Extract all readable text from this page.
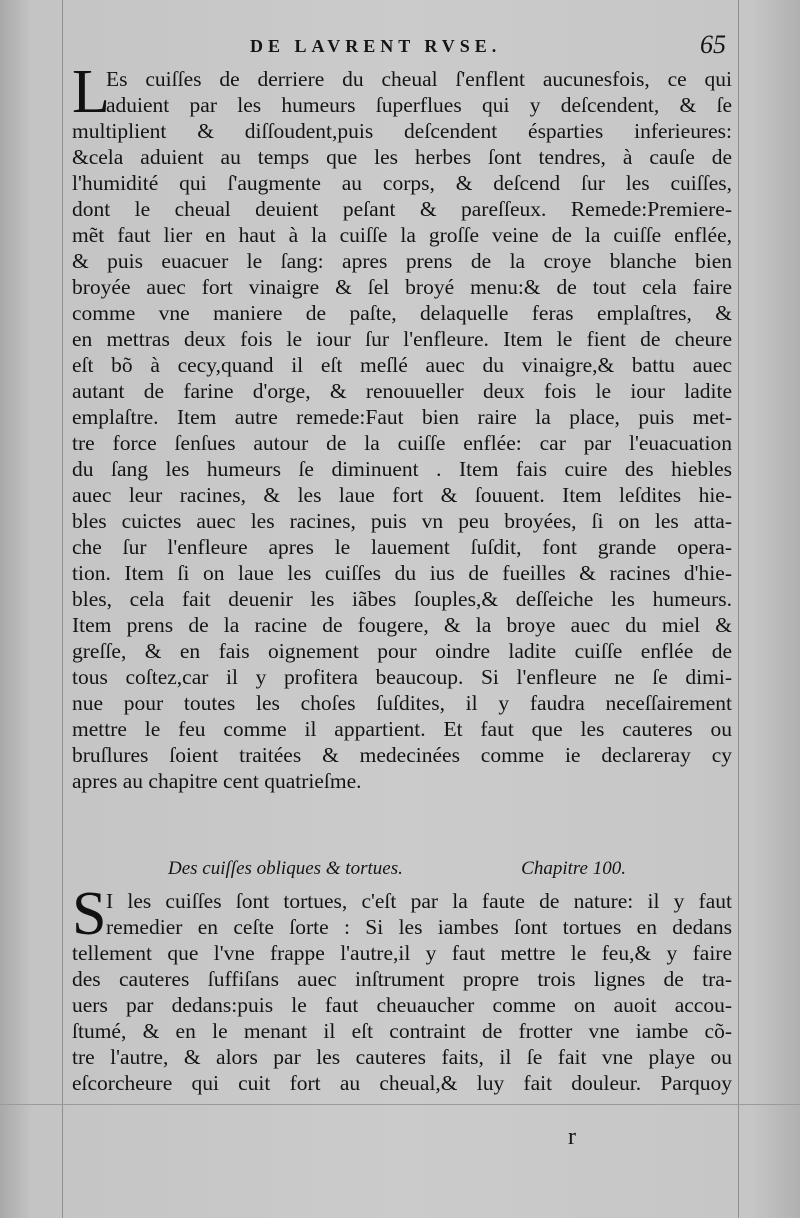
DE LAVRENT RVSE.	65
L
Es cuiſſes de derriere du cheual ſ'enflent aucunesfois, ce qui
aduient par les humeurs ſuperflues qui y deſcendent, & ſe
multiplient & diſſoudent,puis deſcendent ésparties inferieures:
&cela aduient au temps que les herbes ſont tendres, à cauſe de
l'humidité qui ſ'augmente au corps, & deſcend ſur les cuiſſes,
dont le cheual deuient peſant & pareſſeux. Remede:Premiere-
mẽt faut lier en haut à la cuiſſe la groſſe veine de la cuiſſe enflée,
& puis euacuer le ſang: apres prens de la croye blanche bien
broyée auec fort vinaigre & ſel broyé menu:& de tout cela faire
comme vne maniere de paſte, delaquelle feras emplaſtres, &
en mettras deux fois le iour ſur l'enfleure. Item le fient de cheure
eſt bõ à cecy,quand il eſt meſlé auec du vinaigre,& battu auec
autant de farine d'orge, & renouueller deux fois le iour ladite
emplaſtre. Item autre remede:Faut bien raire la place, puis met-
tre force ſenſues autour de la cuiſſe enflée: car par l'euacuation
du ſang les humeurs ſe diminuent . Item fais cuire des hiebles
auec leur racines, & les laue fort & ſouuent. Item leſdites hie-
bles cuictes auec les racines, puis vn peu broyées, ſi on les atta-
che ſur l'enfleure apres le lauement ſuſdit, font grande opera-
tion. Item ſi on laue les cuiſſes du ius de fueilles & racines d'hie-
bles, cela fait deuenir les iãbes ſouples,& deſſeiche les humeurs.
Item prens de la racine de fougere, & la broye auec du miel &
greſſe, & en fais oignement pour oindre ladite cuiſſe enflée de
tous coſtez,car il y profitera beaucoup. Si l'enfleure ne ſe dimi-
nue pour toutes les choſes ſuſdites, il y faudra neceſſairement
mettre le feu comme il appartient. Et faut que les cauteres ou
bruſlures ſoient traitées & medecinées comme ie declareray cy
apres au chapitre cent quatrieſme.
Des cuiſſes obliques & tortues.	Chapitre 100.
S I les cuiſſes ſont tortues, c'eſt par la faute de nature: il y faut
remedier en ceſte ſorte : Si les iambes ſont tortues en dedans
tellement que l'vne frappe l'autre,il y faut mettre le feu,& y faire
des cauteres ſuffiſans auec inſtrument propre trois lignes de tra-
uers par dedans:puis le faut cheuaucher comme on auoit accou-
ſtumé, & en le menant il eſt contraint de frotter vne iambe cõ-
tre l'autre, & alors par les cauteres faits, il ſe fait vne playe ou
eſcorcheure qui cuit fort au cheual,& luy fait douleur. Parquoy
r
